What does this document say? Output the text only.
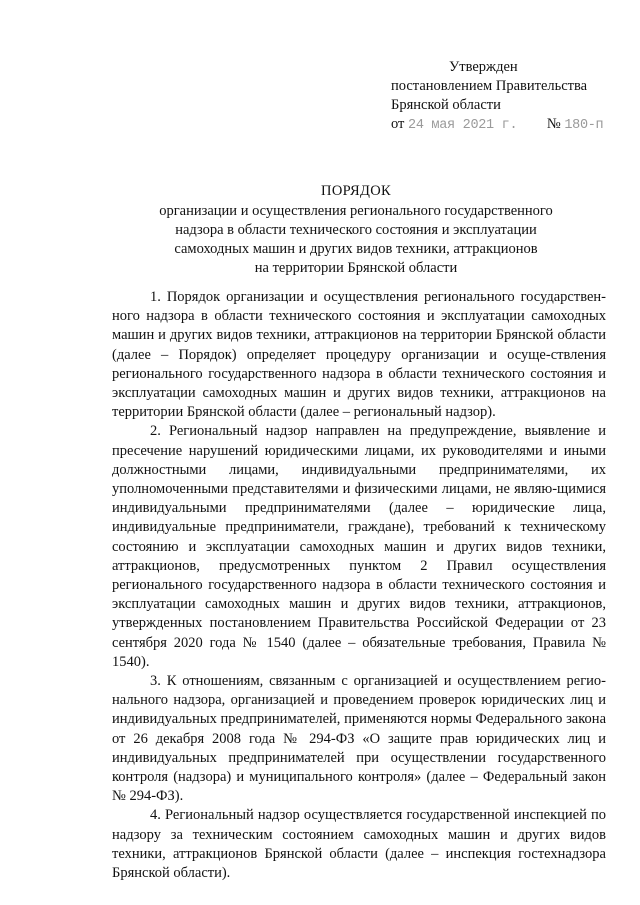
Утвержден
постановлением Правительства
Брянской области
от 24 мая 2021 г. № 180-п
ПОРЯДОК
организации и осуществления регионального государственного
надзора в области технического состояния и эксплуатации
самоходных машин и других видов техники, аттракционов
на территории Брянской области

1. Порядок организации и осуществления регионального государствен-ного надзора в области технического состояния и эксплуатации самоходных машин и других видов техники, аттракционов на территории Брянской области (далее – Порядок) определяет процедуру организации и осуще-ствления регионального государственного надзора в области технического состояния и эксплуатации самоходных машин и других видов техники, аттракционов на территории Брянской области (далее – региональный надзор).

2. Региональный надзор направлен на предупреждение, выявление и пресечение нарушений юридическими лицами, их руководителями и иными должностными лицами, индивидуальными предпринимателями, их уполномоченными представителями и физическими лицами, не являю-щимися индивидуальными предпринимателями (далее – юридические лица, индивидуальные предприниматели, граждане), требований к техническому состоянию и эксплуатации самоходных машин и других видов техники, аттракционов, предусмотренных пунктом 2 Правил осуществления регионального государственного надзора в области технического состояния и эксплуатации самоходных машин и других видов техники, аттракционов, утвержденных постановлением Правительства Российской Федерации от 23 сентября 2020 года № 1540 (далее – обязательные требования, Правила № 1540).

3. К отношениям, связанным с организацией и осуществлением регио-нального надзора, организацией и проведением проверок юридических лиц и индивидуальных предпринимателей, применяются нормы Федерального закона от 26 декабря 2008 года № 294-ФЗ «О защите прав юридических лиц и индивидуальных предпринимателей при осуществлении государственного контроля (надзора) и муниципального контроля» (далее – Федеральный закон № 294-ФЗ).

4. Региональный надзор осуществляется государственной инспекцией по надзору за техническим состоянием самоходных машин и других видов техники, аттракционов Брянской области (далее – инспекция гостехнадзора Брянской области).
